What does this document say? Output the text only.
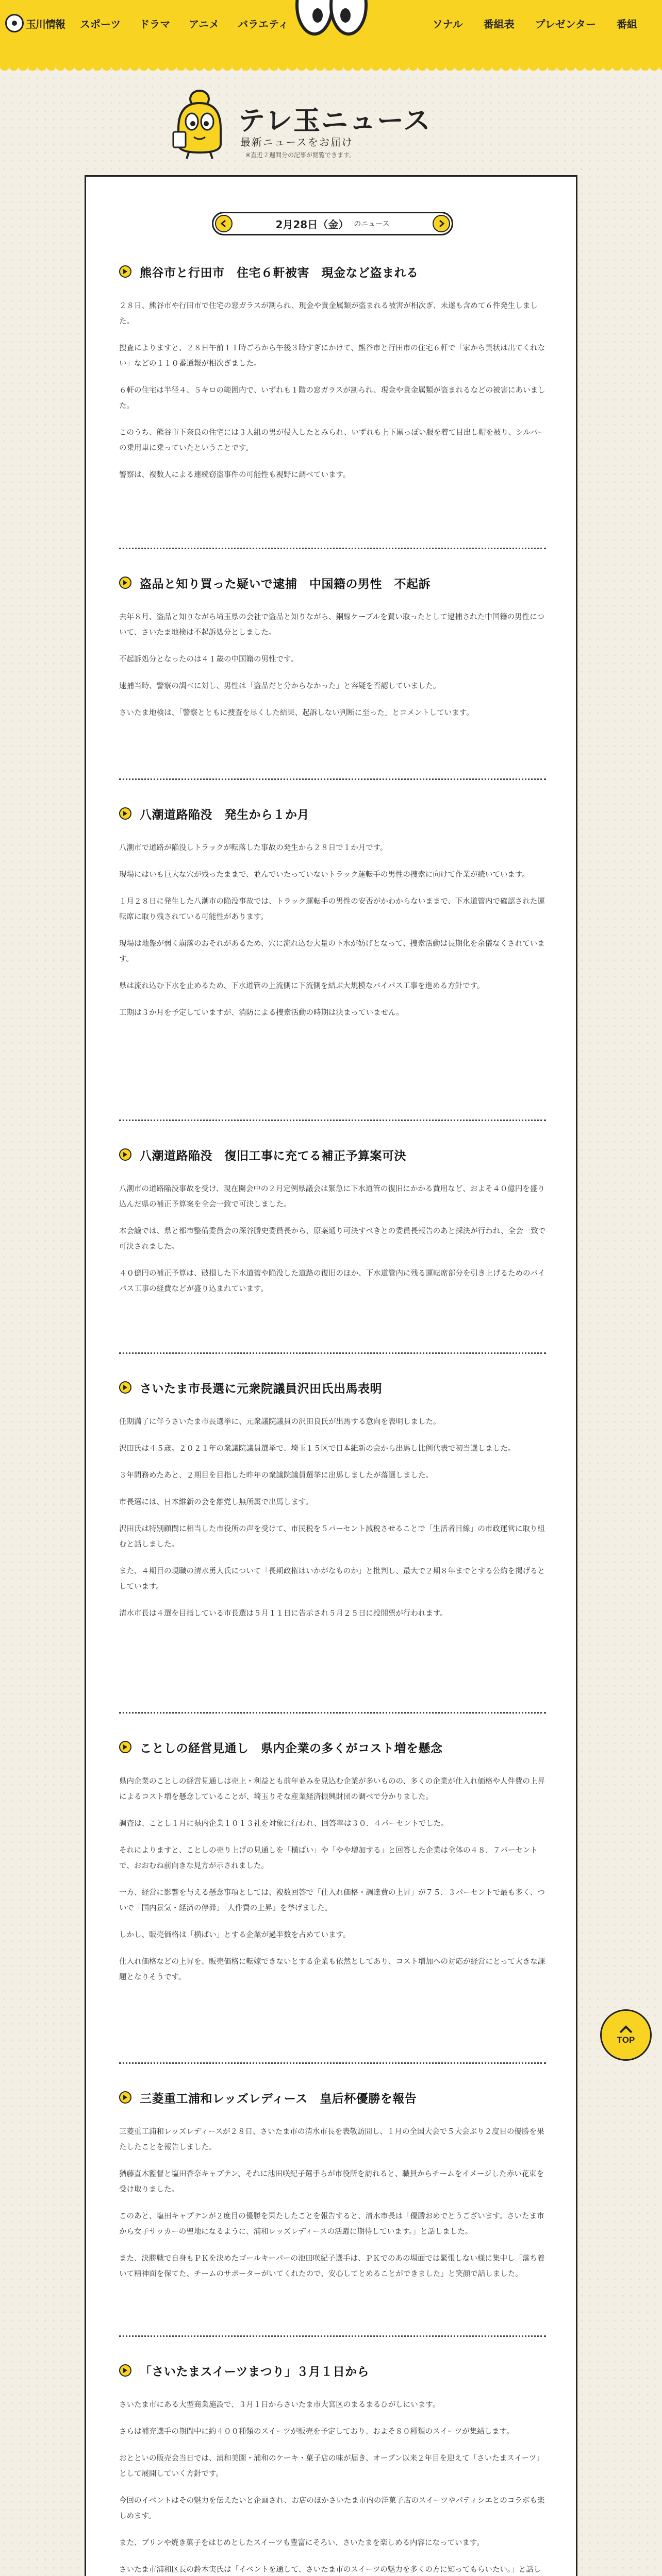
玉川情報 スポーツ ドラマ アニメ バラエティ	ソナル 番組表 プレゼンター 番組
テレ玉ニュース
最新ニュースをお届け
※直近２週間分の記事が閲覧できます。
2月28日（金） のニュース
熊谷市と行田市　住宅６軒被害　現金など盗まれる

２８日、熊谷市や行田市で住宅の窓ガラスが割られ、現金や貴金属類が盗まれる被害が相次ぎ、未遂も含めて６件発生しました。

捜査によりますと、２８日午前１１時ごろから午後３時すぎにかけて、熊谷市と行田市の住宅６軒で「家から異状は出てくれない」などの１１０番通報が相次ぎました。

６軒の住宅は半径４、５キロの範囲内で、いずれも１階の窓ガラスが割られ、現金や貴金属類が盗まれるなどの被害にあいました。

このうち、熊谷市下奈良の住宅には３人組の男が侵入したとみられ、いずれも上下黒っぽい服を着て目出し帽を被り、シルバーの乗用車に乗っていたということです。

警察は、複数人による連続窃盗事件の可能性も視野に調べています。

盗品と知り買った疑いで逮捕　中国籍の男性　不起訴

去年８月、盗品と知りながら埼玉県の会社で盗品と知りながら、銅線ケーブルを買い取ったとして逮捕された中国籍の男性について、さいたま地検は不起訴処分としました。

不起訴処分となったのは４１歳の中国籍の男性です。

逮捕当時、警察の調べに対し、男性は「盗品だと分からなかった」と容疑を否認していました。

さいたま地検は、「警察とともに捜査を尽くした結果、起訴しない判断に至った」とコメントしています。

八潮道路陥没　発生から１か月

八潮市で道路が陥没しトラックが転落した事故の発生から２８日で１か月です。

現場にはいも巨大な穴が残ったままで、並んでいたっていないトラック運転手の男性の捜索に向けて作業が続いています。

１月２８日に発生した八潮市の陥没事故では、トラック運転手の男性の安否がかわからないままで、下水道管内で確認された運転席に取り残されている可能性があります。

現場は地盤が弱く崩落のおそれがあるため、穴に流れ込む大量の下水が妨げとなって、捜索活動は長期化を余儀なくされています。

県は流れ込む下水を止めるため、下水道管の上流側に下流側を結ぶ大規模なバイパス工事を進める方針です。

工期は３か月を予定していますが、消防による捜索活動の時期は決まっていません。

八潮道路陥没　復旧工事に充てる補正予算案可決

八潮市の道路陥没事故を受け、現在開会中の２月定例県議会は緊急に下水道管の復旧にかかる費用など、およそ４０億円を盛り込んだ県の補正予算案を全会一致で可決しました。

本会議では、県と都市整備委員会の深谷勝史委員長から、原案通り可決すべきとの委員長報告のあと採決が行われ、全会一致で可決されました。

４０億円の補正予算は、破損した下水道管や陥没した道路の復旧のほか、下水道管内に残る運転席部分を引き上げるためのバイパス工事の経費などが盛り込まれています。

さいたま市長選に元衆院議員沢田氏出馬表明

任期満了に伴うさいたま市長選挙に、元衆議院議員の沢田良氏が出馬する意向を表明しました。

沢田氏は４５歳。２０２１年の衆議院議員選挙で、埼玉１５区で日本維新の会から出馬し比例代表で初当選しました。

３年間務めたあと、２期目を目指した昨年の衆議院議員選挙に出馬しましたが落選しました。

市長選には、日本維新の会を離党し無所属で出馬します。

沢田氏は特別顧問に相当した市役所の声を受けて、市民税を５パーセント減税させることで「生活者目線」の市政運営に取り組むと話しました。

また、４期目の現職の清水勇人氏について「長期政権はいかがなものか」と批判し、最大で２期８年までとする公約を掲げるとしています。

清水市長は４選を目指している市長選は５月１１日に告示され５月２５日に投開票が行われます。

ことしの経営見通し　県内企業の多くがコスト増を懸念

県内企業のことしの経営見通しは売上・利益とも前年並みを見込む企業が多いものの、多くの企業が仕入れ価格や人件費の上昇によるコスト増を懸念していることが、埼玉りそな産業経済振興財団の調べで分かりました。

調査は、ことし１月に県内企業１０１３社を対象に行われ、回答率は３０．４パーセントでした。

それによりますと、ことしの売り上げの見通しを「横ばい」や「やや増加する」と回答した企業は全体の４８．７パーセントで、おおむね前向きな見方が示されました。

一方、経営に影響を与える懸念事項としては、複数回答で「仕入れ価格・調達費の上昇」が７５．３パーセントで最も多く、ついで「国内景気・経済の停滞」「人件費の上昇」を挙げました。

しかし、販売価格は「横ばい」とする企業が過半数を占めています。

仕入れ価格などの上昇を、販売価格に転嫁できないとする企業も依然としてあり、コスト増加への対応が経営にとって大きな課題となりそうです。

三菱重工浦和レッズレディース　皇后杯優勝を報告

三菱重工浦和レッズレディースが２８日、さいたま市の清水市長を表敬訪問し、１月の全国大会で５大会ぶり２度目の優勝を果たしたことを報告しました。

猶藤直木監督と塩田香奈キャプテン、それに池田咲紀子選手らが市役所を訪れると、職員からチームをイメージした赤い花束を受け取りました。

このあと、塩田キャプテンが２度目の優勝を果たしたことを報告すると、清水市長は「優勝おめでとうございます。さいたま市から女子サッカーの聖地になるように、浦和レッズレディースの活躍に期待しています。」と話しました。

また、決勝戦で自身もＰＫを決めたゴールキーパーの池田咲紀子選手は、ＰＫでのあの場面では緊張しない様に集中し「落ち着いて精神面を保てた、チームのサポーターがいてくれたので、安心してとめることができました」と笑顔で話しました。

「さいたまスイーツまつり」３月１日から

さいたま市にある大型商業施設で、３月１日からさいたま市大宮区のまるまるひがしにいます。

さらは補充選手の期間中に約４００種類のスイーツが販売を予定しており、およそ８０種類のスイーツが集結します。

おとといの販売会当日では、浦和美園・浦和のケーキ・菓子店の味が届き、オープン以来２年目を迎えて「さいたまスイーツ」として展開していく方針です。

今回のイベントはその魅力を伝えたいと企画され、お店のほかさいたま市内の洋菓子店のスイーツやパティシエとのコラボも楽しめます。

また、プリンや焼き菓子をはじめとしたスイーツも豊富にそろい、さいたまを楽しめる内容になっています。

さいたま市浦和区長の鈴木実氏は「イベントを通して、さいたま市のスイーツの魅力を多くの方に知ってもらいたい。」と話し

TOP
